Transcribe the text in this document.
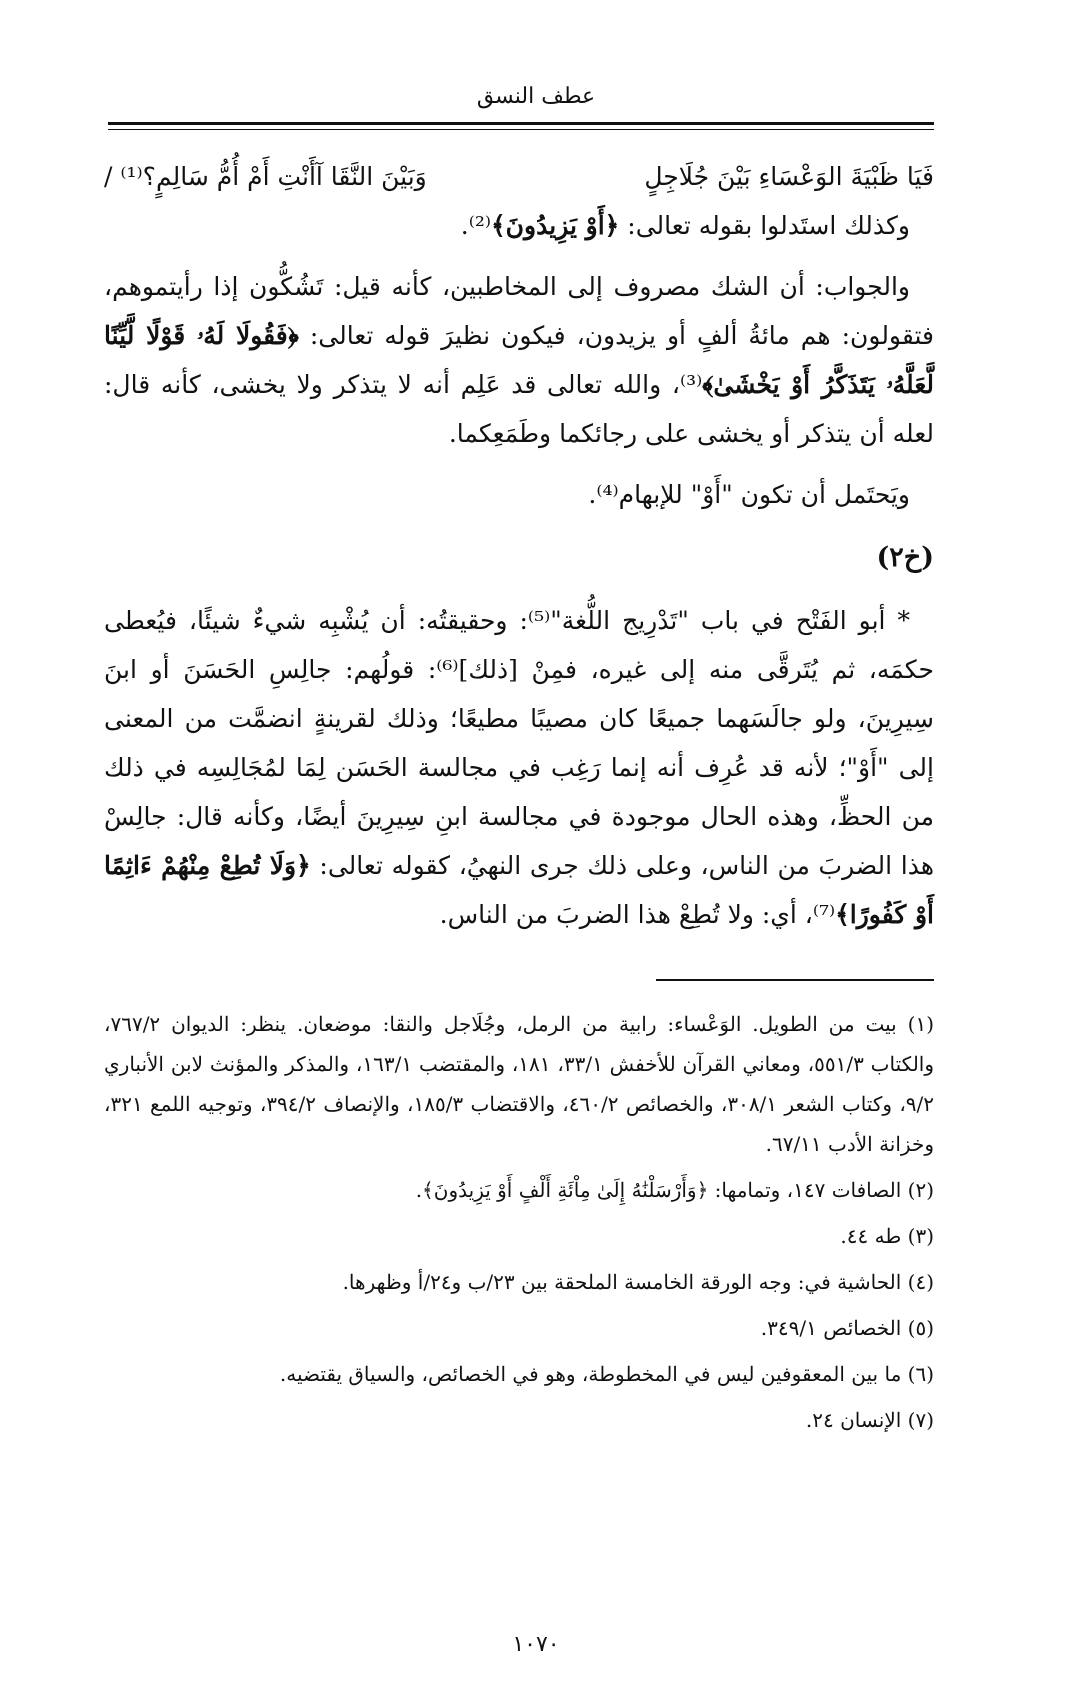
عطف النسق
فَيَا ظَبْيَةَ الوَعْسَاءِ بَيْنَ جُلَاجِلٍ
وَبَيْنَ النَّقَا آأَنْتِ أَمْ أُمُّ سَالِمٍ؟⁽¹⁾ /

وكذلك استَدلوا بقوله تعالى: ﴿أَوْ يَزِيدُونَ﴾⁽²⁾.

والجواب: أن الشك مصروف إلى المخاطبين، كأنه قيل: تَشُكُّون إذا رأيتموهم، فتقولون: هم مائةُ ألفٍ أو يزيدون، فيكون نظيرَ قوله تعالى: ﴿فَقُولَا لَهُۥ قَوْلًا لَّيِّنًا لَّعَلَّهُۥ يَتَذَكَّرُ أَوْ يَخْشَىٰ﴾⁽³⁾، والله تعالى قد عَلِم أنه لا يتذكر ولا يخشى، كأنه قال: لعله أن يتذكر أو يخشى على رجائكما وطَمَعِكما.

ويَحتَمل أن تكون "أَوْ" للإبهام⁽⁴⁾.

(خ٢)

* أبو الفَتْح في باب "تَدْرِيج اللُّغة"⁽⁵⁾: وحقيقتُه: أن يُشْبِه شيءٌ شيئًا، فيُعطى حكمَه، ثم يُتَرقَّى منه إلى غيره، فمِنْ [ذلك]⁽⁶⁾: قولُهم: جالِسِ الحَسَنَ أو ابنَ سِيرِينَ، ولو جالَسَهما جميعًا كان مصيبًا مطيعًا؛ وذلك لقرينةٍ انضمَّت من المعنى إلى "أَوْ"؛ لأنه قد عُرِف أنه إنما رَغِب في مجالسة الحَسَن لِمَا لمُجَالِسِه في ذلك من الحظِّ، وهذه الحال موجودة في مجالسة ابنِ سِيرِينَ أيضًا، وكأنه قال: جالِسْ هذا الضربَ من الناس، وعلى ذلك جرى النهيُ، كقوله تعالى: ﴿وَلَا تُطِعْ مِنْهُمْ ءَاثِمًا أَوْ كَفُورًا﴾⁽⁷⁾، أي: ولا تُطِعْ هذا الضربَ من الناس.

(١) بيت من الطويل. الوَعْساء: رابية من الرمل، وجُلَاجل والنقا: موضعان. ينظر: الديوان ٧٦٧/٢، والكتاب ٥٥١/٣، ومعاني القرآن للأخفش ٣٣/١، ١٨١، والمقتضب ١٦٣/١، والمذكر والمؤنث لابن الأنباري ٩/٢، وكتاب الشعر ٣٠٨/١، والخصائص ٤٦٠/٢، والاقتضاب ١٨٥/٣، والإنصاف ٣٩٤/٢، وتوجيه اللمع ٣٢١، وخزانة الأدب ٦٧/١١.

(٢) الصافات ١٤٧، وتمامها: ﴿وَأَرْسَلْنَٰهُ إِلَىٰ مِاْئَةِ أَلْفٍ أَوْ يَزِيدُونَ﴾.

(٣) طه ٤٤.

(٤) الحاشية في: وجه الورقة الخامسة الملحقة بين ٢٣/ب و٢٤/أ وظهرها.

(٥) الخصائص ٣٤٩/١.

(٦) ما بين المعقوفين ليس في المخطوطة، وهو في الخصائص، والسياق يقتضيه.

(٧) الإنسان ٢٤.

١٠٧٠
